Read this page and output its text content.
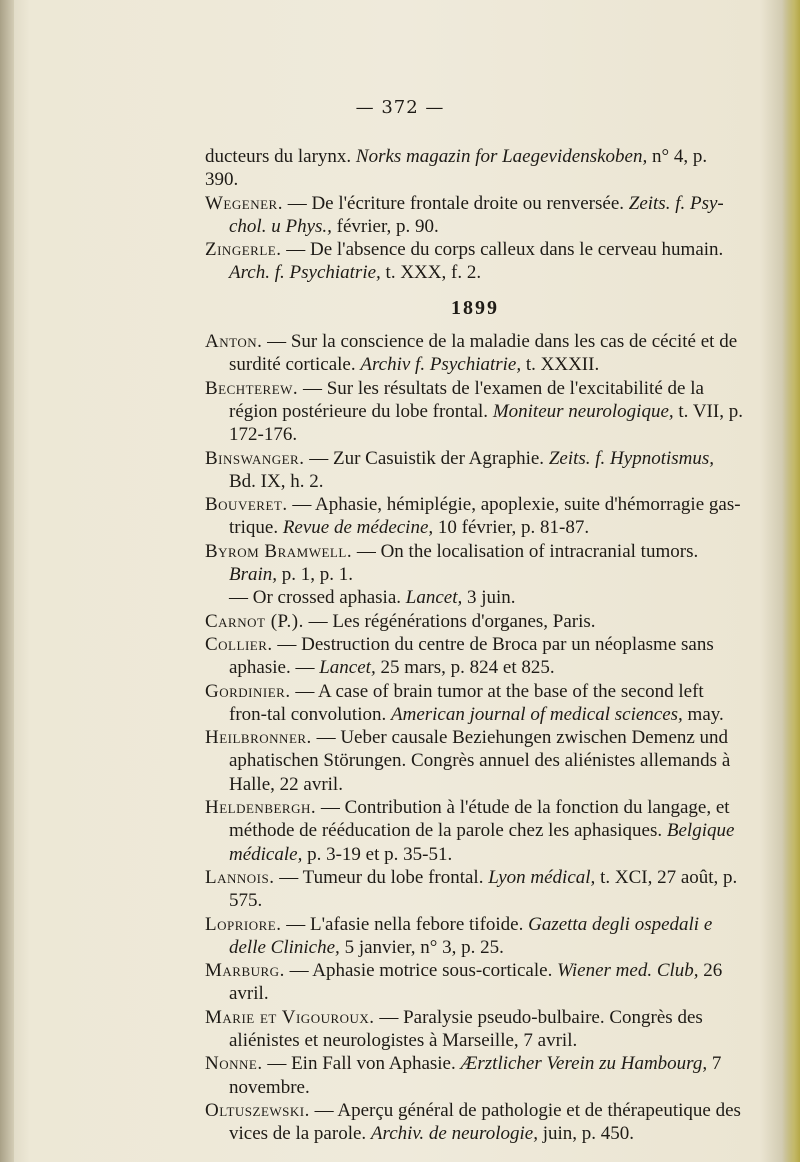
— 372 —

ducteurs du larynx. Norks magazin for Laegevidenskoben, n° 4, p. 390.

Wegener. — De l'écriture frontale droite ou renversée. Zeits. f. Psy-chol. u Phys., février, p. 90.

Zingerle. — De l'absence du corps calleux dans le cerveau humain. Arch. f. Psychiatrie, t. XXX, f. 2.

1899

Anton. — Sur la conscience de la maladie dans les cas de cécité et de surdité corticale. Archiv f. Psychiatrie, t. XXXII.

Bechterew. — Sur les résultats de l'examen de l'excitabilité de la région postérieure du lobe frontal. Moniteur neurologique, t. VII, p. 172-176.

Binswanger. — Zur Casuistik der Agraphie. Zeits. f. Hypnotismus, Bd. IX, h. 2.

Bouveret. — Aphasie, hémiplégie, apoplexie, suite d'hémorragie gas-trique. Revue de médecine, 10 février, p. 81-87.

Byrom Bramwell. — On the localisation of intracranial tumors. Brain, p. 1, p. 1.

— Or crossed aphasia. Lancet, 3 juin.

Carnot (P.). — Les régénérations d'organes, Paris.

Collier. — Destruction du centre de Broca par un néoplasme sans aphasie. — Lancet, 25 mars, p. 824 et 825.

Gordinier. — A case of brain tumor at the base of the second left fron-tal convolution. American journal of medical sciences, may.

Heilbronner. — Ueber causale Beziehungen zwischen Demenz und aphatischen Störungen. Congrès annuel des aliénistes allemands à Halle, 22 avril.

Heldenbergh. — Contribution à l'étude de la fonction du langage, et méthode de rééducation de la parole chez les aphasiques. Belgique médicale, p. 3-19 et p. 35-51.

Lannois. — Tumeur du lobe frontal. Lyon médical, t. XCI, 27 août, p. 575.

Lopriore. — L'afasie nella febore tifoide. Gazetta degli ospedali e delle Cliniche, 5 janvier, n° 3, p. 25.

Marburg. — Aphasie motrice sous-corticale. Wiener med. Club, 26 avril.

Marie et Vigouroux. — Paralysie pseudo-bulbaire. Congrès des aliénistes et neurologistes à Marseille, 7 avril.

Nonne. — Ein Fall von Aphasie. Ærztlicher Verein zu Hambourg, 7 novembre.

Oltuszewski. — Aperçu général de pathologie et de thérapeutique des vices de la parole. Archiv. de neurologie, juin, p. 450.
